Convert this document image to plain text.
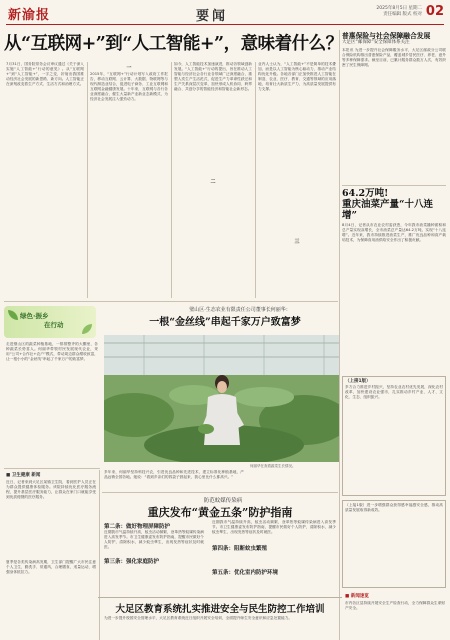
新渝报	要闻
2025年8月5日 星期二
责任编辑 版式 校对 02
从“互联网+”到“人工智能+”，意味着什么？
7月31日，国务院常务会议审议通过《关于深入实施“人工智能+”行动的意见》。从“互联网+”到“人工智能+”，一字之变，折射出我国推动经济社会发展的新思路、新方向。人工智能正在深刻改变着生产方式、生活方式和治理方式。
一
2015年，“互联网+”行动计划写入政府工作报告，移动互联网、云计算、大数据、物联网等与现代制造业结合，促进电子商务、工业互联网和互联网金融健康发展。十年来，互联网与各行各业深度融合，催生大量新产业新业态新模式，为经济社会发展注入强劲动力。
二
如今，人工智能技术加速演进，推动各领域创新发展。“人工智能+”行动的提出，旨在推动人工智能与经济社会各行业各领域广泛深度融合，重塑人类生产生活范式，促进生产力革命性跃迁和生产关系深层次变革，加快形成人机协同、跨界融合、共创分享的智能经济和智能社会新形态。
三
业内人士认为，“人工智能+”不是简单的技术叠加，而是以人工智能为核心驱动力，推动产业结构优化升级。各地各部门正加快推进人工智能在制造、农业、医疗、教育、交通等领域的应用落地，培育壮大新质生产力，为高质量发展提供有力支撑。
普惠保险与社会保障融合发展
大足区“邮保障”安全保障体系关注
本报讯 为进一步提升社会保障服务水平，大足区邮政分公司联合保险机构推出普惠保险产品，覆盖城乡居民医疗、养老、意外等多种保障需求。截至目前，已累计服务群众数万人次，有效织密了民生保障网。
64.2万吨!
重庆油菜产量“十八连增”
8月4日，记者从市农业农村委获悉，今年我市油菜播种面积和总产量实现双增长，全市油菜总产量达64.2万吨，实现“十八连增”。近年来，我市持续推进油菜生产，推广优良品种和高产栽培技术，为保障食用油供给安全作出了积极贡献。
（上接1版）
多方合力推进乡村振兴，坚持农业农村优先发展，深化农村改革，加快建设农业强市，扎实推动乡村产业、人才、文化、生态、组织振兴。
（上接1版）进一步增强群众获得感幸福感安全感，推动高质量发展取得新成效。
■ 新闻速览
市内各区县持续开展安全生产检查行动，全力保障群众生命财产安全。
绿色·振乡
在行动
璧山区·生态农业有限责任公司董事长何丽华：
一根“金丝线”串起千家万户致富梦
走进璧山区的蔬菜种植基地，一排排整齐的大棚里，各种蔬菜长势喜人。何丽华带领村民发展现代农业，采用“公司+合作社+农户”模式，带动周边群众增收致富，让一根小小的“金丝线”串起了千家万户的致富梦。
何丽华在查看蔬菜生长情况。
多年来，何丽华坚持科技兴农，引进优良品种和先进技术，建立标准化种植基地，产品远销全国各地。她说：“看到乡亲们的钱袋子鼓起来，我心里比什么都高兴。”
■ 卫生健康 新闻
近日，记者来到大足区某镇卫生院，看到医护人员正在为群众提供健康体检服务。该院持续优化医疗服务流程，提升基层医疗服务能力，让群众在家门口就能享受到优质便捷的医疗服务。
夏季是各类传染病高发期，卫生部门提醒广大市民注意个人卫生，勤洗手、常通风，合理膳食，适量运动，增强身体抵抗力。
防范蚊媒传染病
重庆发布“黄金五条”防护指南
第二条：做好物理屏障防护
第四条：阻断蚊虫繁殖
第三条：强化家庭防护
第五条：优化室内防护环境
近期我市气温持续升高，蚊虫活动频繁，登革热等蚊媒传染病进入高发季节。市卫生健康委发布防护指南，提醒市民做好个人防护，清除积水，减少蚊虫孳生，出现发热等症状及时就医。
近期我市气温持续升高，蚊虫活动频繁，登革热等蚊媒传染病进入高发季节。市卫生健康委发布防护指南，提醒市民做好个人防护，清除积水，减少蚊虫孳生，出现发热等症状及时就医。
大足区教育系统扎实推进安全与民生防控工作培训
为进一步提升校园安全管理水平，大足区教育系统近日组织开展安全培训，全面提升师生安全意识和应急处置能力。
